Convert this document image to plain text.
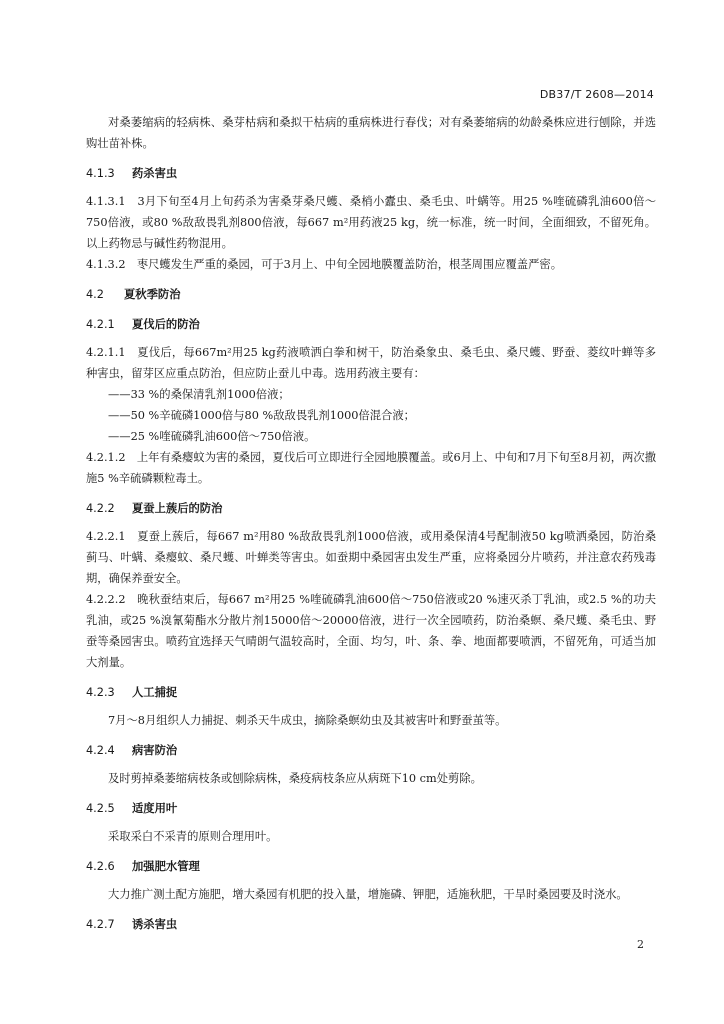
DB37/T 2608—2014

对桑萎缩病的轻病株、桑芽枯病和桑拟干枯病的重病株进行春伐；对有桑萎缩病的幼龄桑株应进行刨除，并选购壮苗补株。

4.1.3 药杀害虫

4.1.3.1　3月下旬至4月上旬药杀为害桑芽桑尺蠖、桑梢小蠹虫、桑毛虫、叶螨等。用25 %喹硫磷乳油600倍～750倍液，或80 %敌敌畏乳剂800倍液，每667 m²用药液25 kg，统一标准，统一时间，全面细致，不留死角。以上药物忌与碱性药物混用。

4.1.3.2　枣尺蠖发生严重的桑园，可于3月上、中旬全园地膜覆盖防治，根茎周围应覆盖严密。

4.2 夏秋季防治
4.2.1 夏伐后的防治

4.2.1.1　夏伐后，每667m²用25 kg药液喷洒白拳和树干，防治桑象虫、桑毛虫、桑尺蠖、野蚕、菱纹叶蝉等多种害虫，留芽区应重点防治，但应防止蚕儿中毒。选用药液主要有：

——33 %的桑保清乳剂1000倍液；

——50 %辛硫磷1000倍与80 %敌敌畏乳剂1000倍混合液；

——25 %喹硫磷乳油600倍～750倍液。

4.2.1.2　上年有桑瘿蚊为害的桑园，夏伐后可立即进行全园地膜覆盖。或6月上、中旬和7月下旬至8月初，两次撒施5 %辛硫磷颗粒毒土。

4.2.2 夏蚕上蔟后的防治

4.2.2.1　夏蚕上蔟后，每667 m²用80 %敌敌畏乳剂1000倍液，或用桑保清4号配制液50 kg喷洒桑园，防治桑蓟马、叶螨、桑瘿蚊、桑尺蠖、叶蝉类等害虫。如蚕期中桑园害虫发生严重，应将桑园分片喷药，并注意农药残毒期，确保养蚕安全。

4.2.2.2　晚秋蚕结束后，每667 m²用25 %喹硫磷乳油600倍～750倍液或20 %速灭杀丁乳油，或2.5 %的功夫乳油，或25 %溴氰菊酯水分散片剂15000倍～20000倍液，进行一次全园喷药，防治桑螟、桑尺蠖、桑毛虫、野蚕等桑园害虫。喷药宜选择天气晴朗气温较高时，全面、均匀，叶、条、拳、地面都要喷洒，不留死角，可适当加大剂量。

4.2.3 人工捕捉

7月～8月组织人力捕捉、刺杀天牛成虫，摘除桑螟幼虫及其被害叶和野蚕茧等。

4.2.4 病害防治

及时剪掉桑萎缩病枝条或刨除病株，桑疫病枝条应从病斑下10 cm处剪除。

4.2.5 适度用叶

采取采白不采青的原则合理用叶。

4.2.6 加强肥水管理

大力推广测土配方施肥，增大桑园有机肥的投入量，增施磷、钾肥，适施秋肥，干旱时桑园要及时浇水。

4.2.7 诱杀害虫
2
